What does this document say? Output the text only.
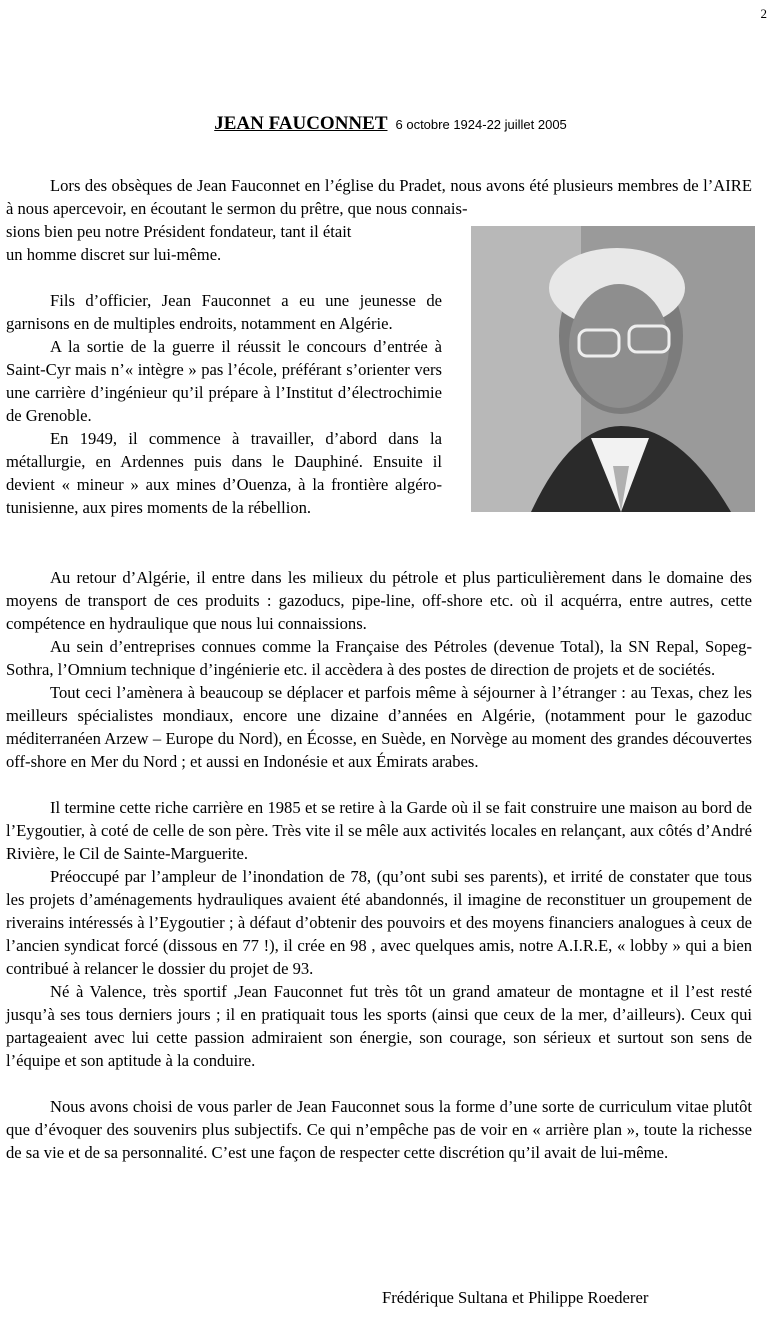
2
JEAN FAUCONNET 6 octobre 1924-22 juillet 2005

Lors des obsèques de Jean Fauconnet en l’église du Pradet, nous avons été plusieurs membres de l’AIRE à nous apercevoir, en écoutant le sermon du prêtre, que nous connais-

sions bien peu notre Président fondateur, tant il était
un homme discret sur lui-même.

Fils d’officier, Jean Fauconnet a eu une jeunesse de garnisons en de multiples endroits, notamment en Algérie.

A la sortie de la guerre il réussit le concours d’entrée à Saint-Cyr mais n’« intègre » pas l’école, préférant s’orienter vers une carrière d’ingénieur qu’il prépare à l’Institut d’électrochimie de Grenoble.

En 1949, il commence à travailler, d’abord dans la métallurgie, en Ardennes puis dans le Dauphiné. Ensuite il devient « mineur » aux mines d’Ouenza, à la frontière algéro- tunisienne, aux pires moments de la rébellion.

Au retour d’Algérie, il entre dans les milieux du pétrole et plus particulièrement dans le domaine des moyens de transport de ces produits : gazoducs, pipe-line, off-shore etc. où il acquérra, entre autres, cette compétence en hydraulique que nous lui connaissions.

Au sein d’entreprises connues comme la Française des Pétroles (devenue Total), la SN Repal, Sopeg-Sothra, l’Omnium technique d’ingénierie etc. il accèdera à des postes de direction de projets et de sociétés.

Tout ceci l’amènera à beaucoup se déplacer et parfois même à séjourner à l’étranger : au Texas, chez les meilleurs spécialistes mondiaux, encore une dizaine d’années en Algérie, (notamment pour le gazoduc méditerranéen Arzew – Europe du Nord), en Écosse, en Suède, en Norvège au moment des grandes découvertes off-shore en Mer du Nord ; et aussi en Indonésie et aux Émirats arabes.

Il termine cette riche carrière en 1985 et se retire à la Garde où il se fait construire une maison au bord de l’Eygoutier, à coté de celle de son père. Très vite il se mêle aux activités locales en relançant, aux côtés d’André Rivière, le Cil de Sainte-Marguerite.

Préoccupé par l’ampleur de l’inondation de 78, (qu’ont subi ses parents), et irrité de constater que tous les projets d’aménagements hydrauliques avaient été abandonnés, il imagine de reconstituer un groupement de riverains intéressés à l’Eygoutier ; à défaut d’obtenir des pouvoirs et des moyens financiers analogues à ceux de l’ancien syndicat forcé (dissous en 77 !), il crée en 98 , avec quelques amis, notre A.I.R.E, « lobby » qui a bien contribué à relancer le dossier du projet de 93.

Né à Valence, très sportif ,Jean Fauconnet fut très tôt un grand amateur de montagne et il l’est resté jusqu’à ses tous derniers jours ; il en pratiquait tous les sports (ainsi que ceux de la mer, d’ailleurs). Ceux qui partageaient avec lui cette passion admiraient son énergie, son courage, son sérieux et surtout son sens de l’équipe et son aptitude à la conduire.

Nous avons choisi de vous parler de Jean Fauconnet sous la forme d’une sorte de curriculum vitae plutôt que d’évoquer des souvenirs plus subjectifs. Ce qui n’empêche pas de voir en « arrière plan », toute la richesse de sa vie et de sa personnalité. C’est une façon de respecter cette discrétion qu’il avait de lui-même.

Frédérique Sultana et Philippe Roederer
